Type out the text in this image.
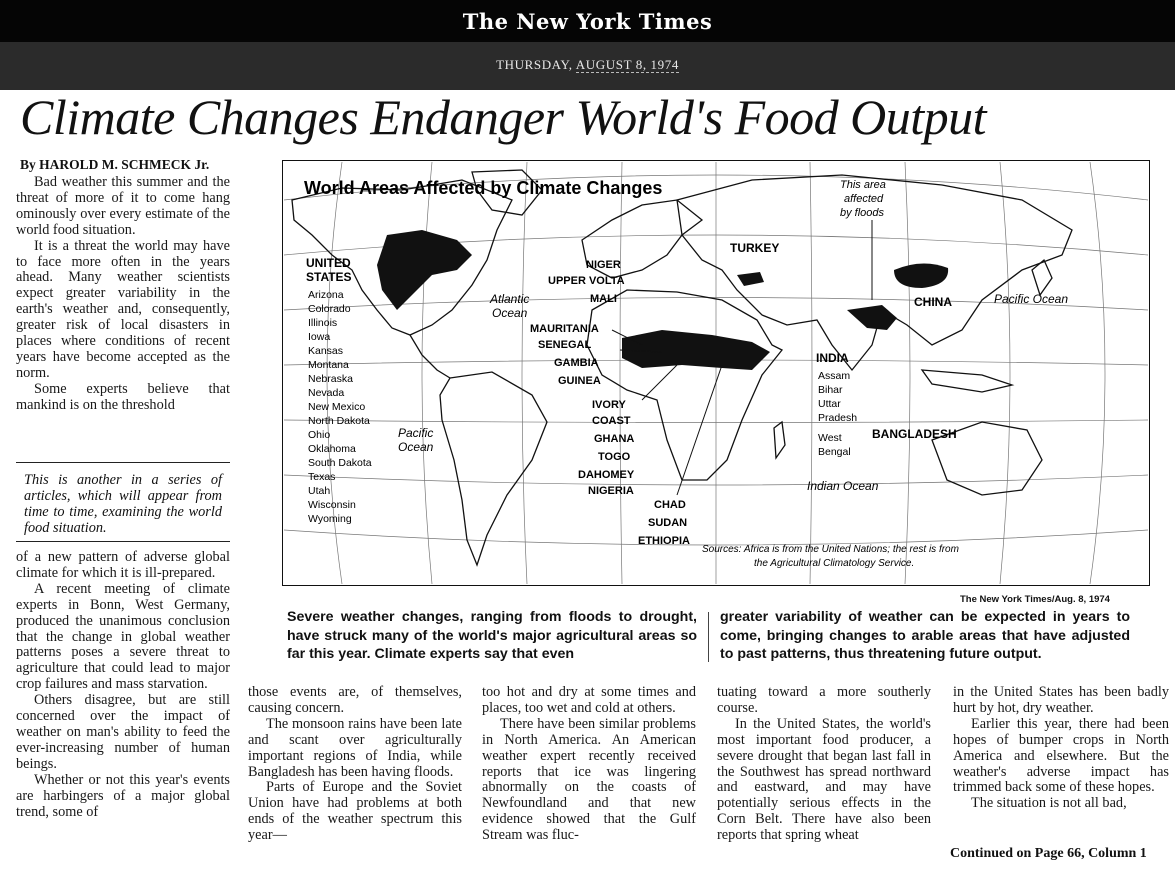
The New York Times
THURSDAY, AUGUST 8, 1974
Climate Changes Endanger World's Food Output
By HAROLD M. SCHMECK Jr.

Bad weather this summer and the threat of more of it to come hang ominously over every estimate of the world food situation.

It is a threat the world may have to face more often in the years ahead. Many weather scientists expect greater variability in the earth's weather and, consequently, greater risk of local disasters in places where conditions of recent years have become accepted as the norm.

Some experts believe that mankind is on the threshold

This is another in a series of articles, which will appear from time to time, examining the world food situation.

of a new pattern of adverse global climate for which it is ill-prepared.

A recent meeting of climate experts in Bonn, West Germany, produced the unanimous conclusion that the change in global weather patterns poses a severe threat to agriculture that could lead to major crop failures and mass starvation.

Others disagree, but are still concerned over the impact of weather on man's ability to feed the ever-increasing number of human beings.

Whether or not this year's events are harbingers of a major global trend, some of

World Areas Affected by Climate Changes	This area
affected
by floods
Atlantic
Ocean
Pacific
Ocean
Pacific Ocean
Indian Ocean
UNITED
STATES
Arizona
Colorado
Illinois
Iowa
Kansas
Montana
Nebraska
Nevada
New Mexico
North Dakota
Ohio
Oklahoma
South Dakota
Texas
Utah
Wisconsin
Wyoming
NIGER
UPPER VOLTA
MALI
MAURITANIA
SENEGAL
GAMBIA
GUINEA
IVORY
COAST
GHANA
TOGO
DAHOMEY
NIGERIA
CHAD
SUDAN
ETHIOPIA
TURKEY
CHINA
INDIA
Assam
Bihar
Uttar
Pradesh
West
Bengal
BANGLADESH
Sources: Africa is from the United Nations; the rest is from
the Agricultural Climatology Service.
The New York Times/Aug. 8, 1974
Severe weather changes, ranging from floods to drought, have struck many of the world's major agricultural areas so far this year. Climate experts say that even
greater variability of weather can be expected in years to come, bringing changes to arable areas that have adjusted to past patterns, thus threatening future output.

those events are, of themselves, causing concern.

The monsoon rains have been late and scant over agriculturally important regions of India, while Bangladesh has been having floods.

Parts of Europe and the Soviet Union have had problems at both ends of the weather spectrum this year—

too hot and dry at some times and places, too wet and cold at others.

There have been similar problems in North America. An American weather expert recently received reports that ice was lingering abnormally on the coasts of Newfoundland and that new evidence showed that the Gulf Stream was fluc-

tuating toward a more southerly course.

In the United States, the world's most important food producer, a severe drought that began last fall in the Southwest has spread northward and eastward, and may have potentially serious effects in the Corn Belt. There have also been reports that spring wheat

in the United States has been badly hurt by hot, dry weather.

Earlier this year, there had been hopes of bumper crops in North America and elsewhere. But the weather's adverse impact has trimmed back some of these hopes.

The situation is not all bad,

Continued on Page 66, Column 1
